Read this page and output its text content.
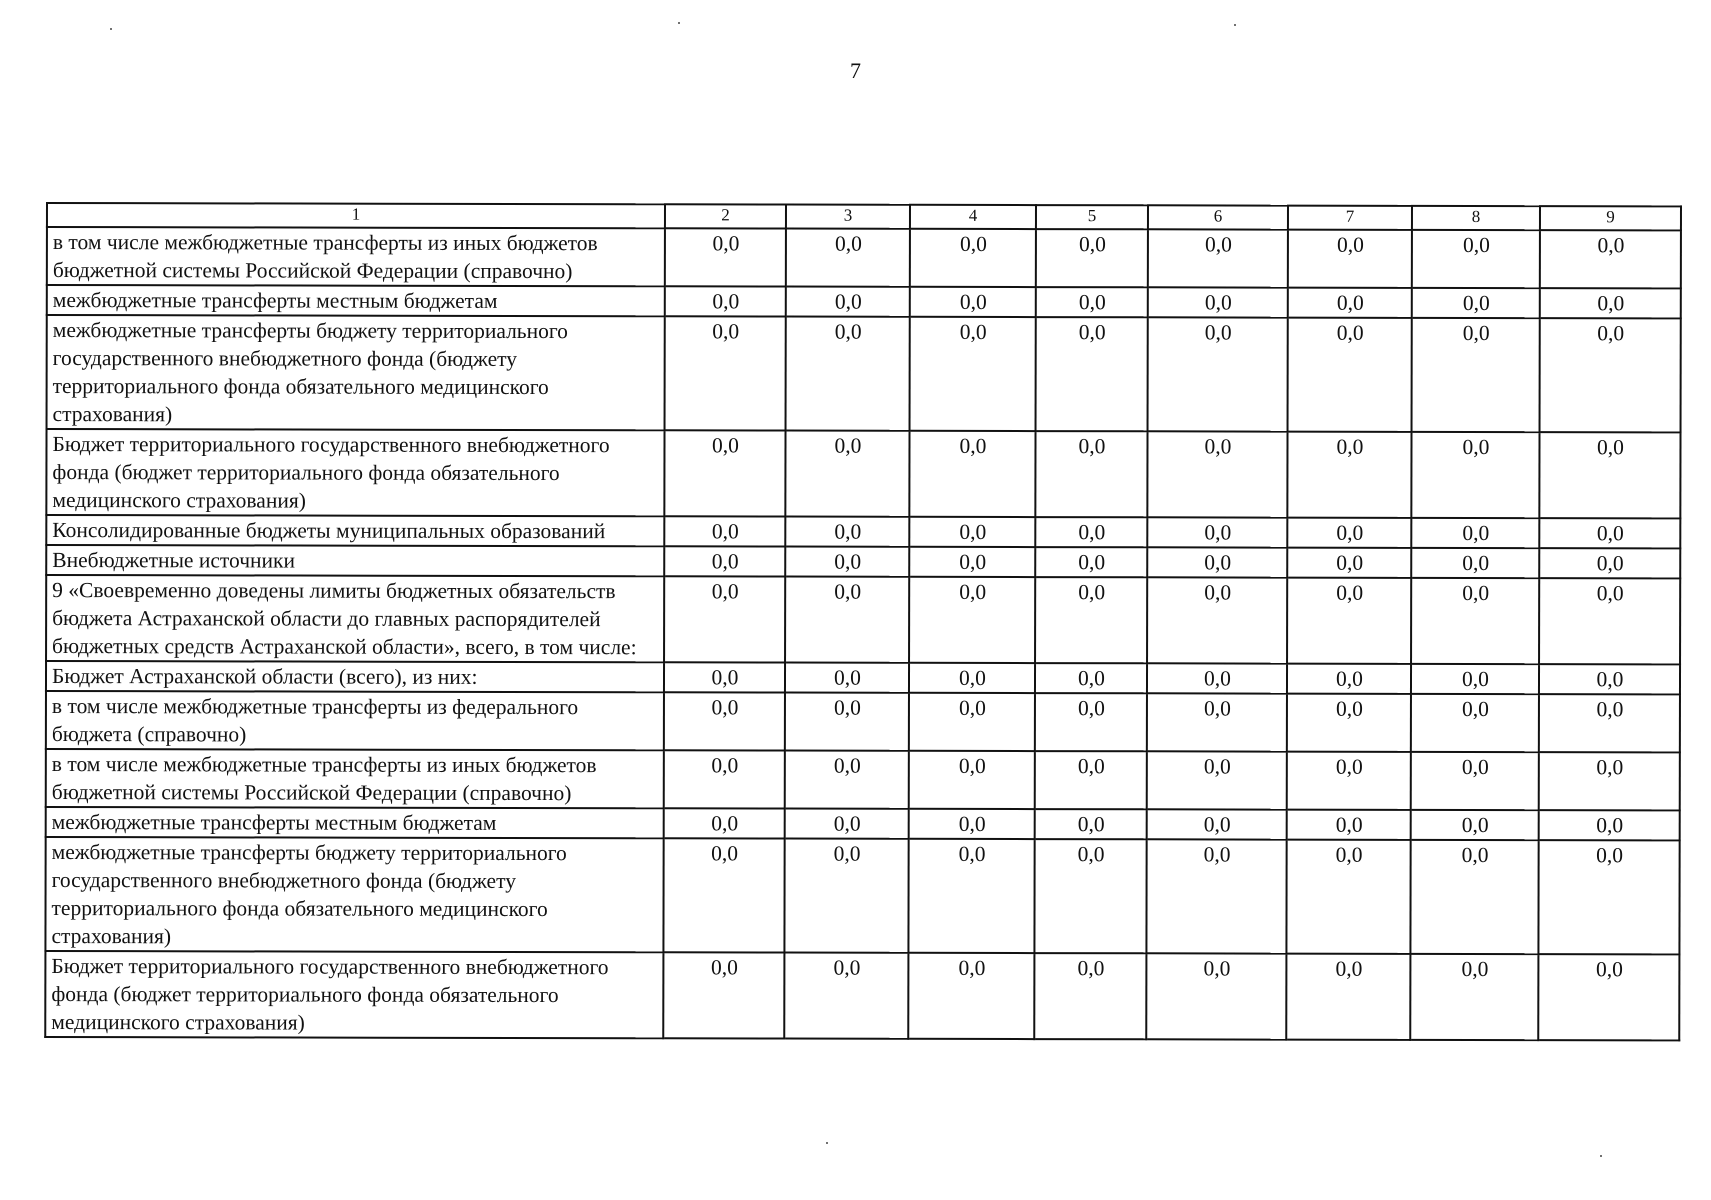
7
1	2	3	4	5	6	7	8	9
в том числе межбюджетные трансферты из иных бюджетов бюджетной системы Российской Федерации (справочно)	0,0	0,0	0,0	0,0	0,0	0,0	0,0	0,0
межбюджетные трансферты местным бюджетам	0,0	0,0	0,0	0,0	0,0	0,0	0,0	0,0
межбюджетные трансферты бюджету территориального государственного внебюджетного фонда (бюджету территориального фонда обязательного медицинского страхования)	0,0	0,0	0,0	0,0	0,0	0,0	0,0	0,0
Бюджет территориального государственного внебюджетного фонда (бюджет территориального фонда обязательного медицинского страхования)	0,0	0,0	0,0	0,0	0,0	0,0	0,0	0,0
Консолидированные бюджеты муниципальных образований	0,0	0,0	0,0	0,0	0,0	0,0	0,0	0,0
Внебюджетные источники	0,0	0,0	0,0	0,0	0,0	0,0	0,0	0,0
9 «Своевременно доведены лимиты бюджетных обязательств бюджета Астраханской области до главных распорядителей бюджетных средств Астраханской области», всего, в том числе:	0,0	0,0	0,0	0,0	0,0	0,0	0,0	0,0
Бюджет Астраханской области (всего), из них:	0,0	0,0	0,0	0,0	0,0	0,0	0,0	0,0
в том числе межбюджетные трансферты из федерального бюджета (справочно)	0,0	0,0	0,0	0,0	0,0	0,0	0,0	0,0
в том числе межбюджетные трансферты из иных бюджетов бюджетной системы Российской Федерации (справочно)	0,0	0,0	0,0	0,0	0,0	0,0	0,0	0,0
межбюджетные трансферты местным бюджетам	0,0	0,0	0,0	0,0	0,0	0,0	0,0	0,0
межбюджетные трансферты бюджету территориального государственного внебюджетного фонда (бюджету территориального фонда обязательного медицинского страхования)	0,0	0,0	0,0	0,0	0,0	0,0	0,0	0,0
Бюджет территориального государственного внебюджетного фонда (бюджет территориального фонда обязательного медицинского страхования)	0,0	0,0	0,0	0,0	0,0	0,0	0,0	0,0
